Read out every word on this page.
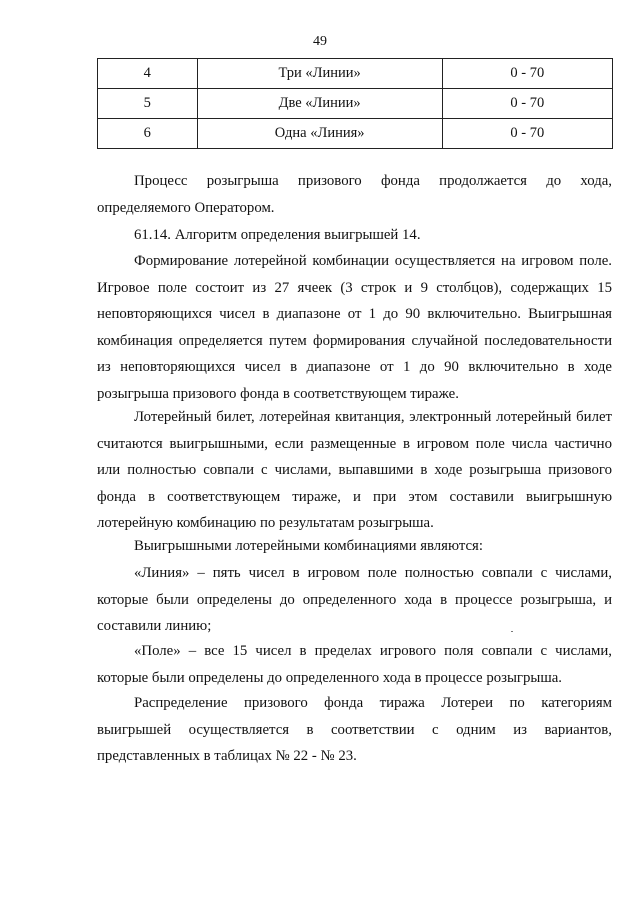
49
4	Три «Линии»	0 - 70
5	Две «Линии»	0 - 70
6	Одна «Линия»	0 - 70

Процесс розыгрыша призового фонда продолжается до хода, определяемого Оператором.

61.14. Алгоритм определения выигрышей 14.

Формирование лотерейной комбинации осуществляется на игровом поле. Игровое поле состоит из 27 ячеек (3 строк и 9 столбцов), содержащих 15 неповторяющихся чисел в диапазоне от 1 до 90 включительно. Выигрышная комбинация определяется путем формирования случайной последовательности из неповторяющихся чисел в диапазоне от 1 до 90 включительно в ходе розыгрыша призового фонда в соответствующем тираже.

Лотерейный билет, лотерейная квитанция, электронный лотерейный билет считаются выигрышными, если размещенные в игровом поле числа частично или полностью совпали с числами, выпавшими в ходе розыгрыша призового фонда в соответствующем тираже, и при этом составили выигрышную лотерейную комбинацию по результатам розыгрыша.

Выигрышными лотерейными комбинациями являются:

«Линия» – пять чисел в игровом поле полностью совпали с числами, которые были определены до определенного хода в процессе розыгрыша, и составили линию;

«Поле» – все 15 чисел в пределах игрового поля совпали с числами, которые были определены до определенного хода в процессе розыгрыша.

Распределение призового фонда тиража Лотереи по категориям выигрышей осуществляется в соответствии с одним из вариантов, представленных в таблицах № 22 - № 23.
